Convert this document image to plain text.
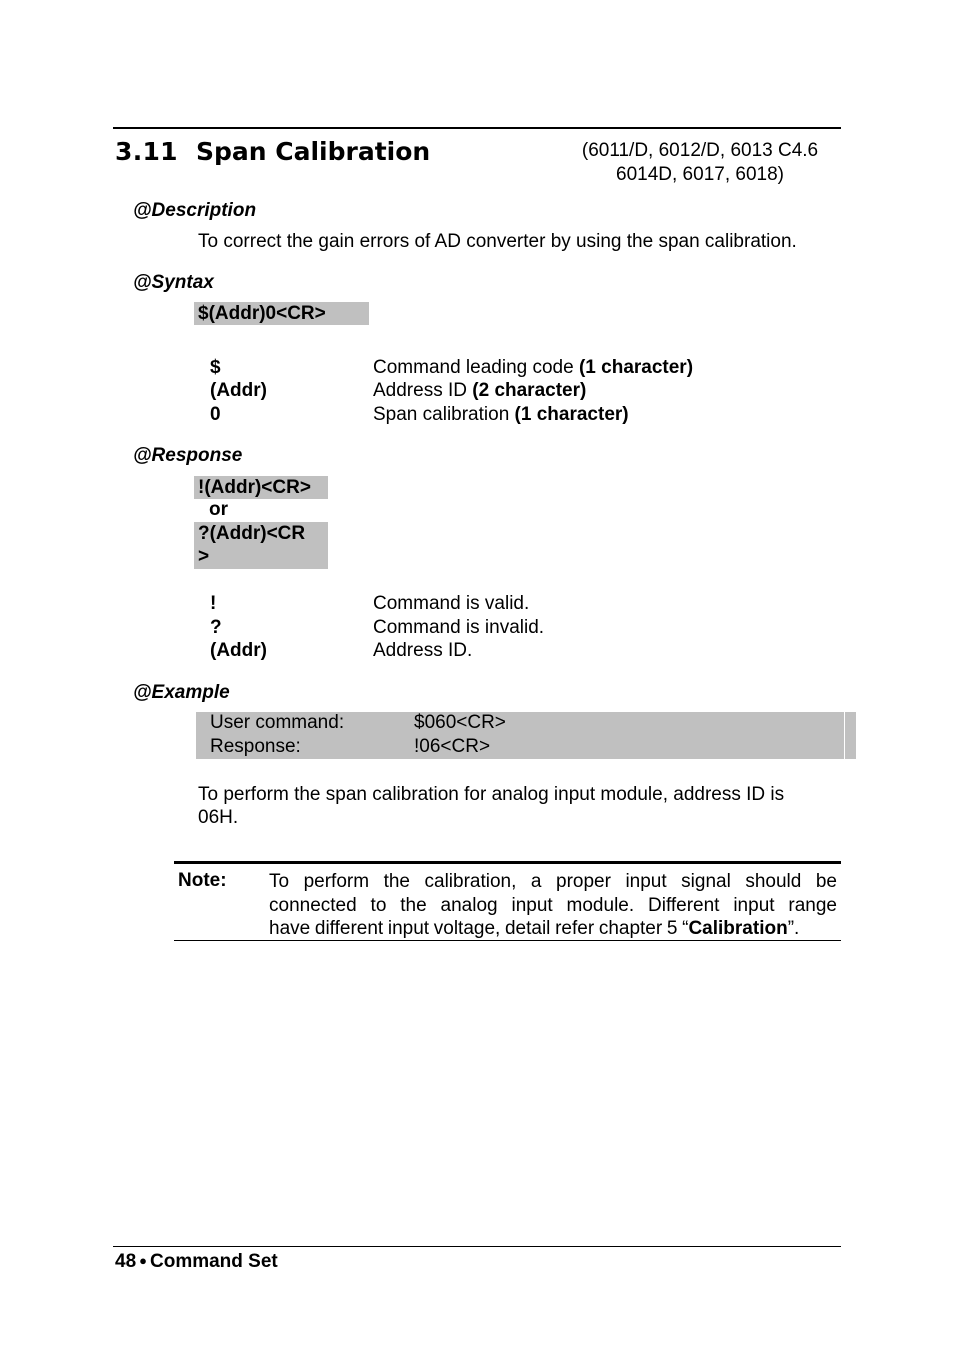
3.11 Span Calibration	(6011/D, 6012/D, 6013 C4.6
6014D, 6017, 6018)
@Description
To correct the gain errors of AD converter by using the span calibration.
@Syntax
$(Addr)0<CR>
$	Command leading code (1 character)
(Addr)	Address ID (2 character)
0	Span calibration (1 character)
@Response
!(Addr)<CR>
or
?(Addr)<CR
>
!	Command is valid.
?	Command is invalid.
(Addr)	Address ID.
@Example
User command:	$060<CR>
Response:	!06<CR>
To perform the span calibration for analog input module, address ID is
06H.
Note: To perform the calibration, a proper input signal should be
connected to the analog input module. Different input range
have different input voltage, detail refer chapter 5 “Calibration”.
48 ● Command Set
